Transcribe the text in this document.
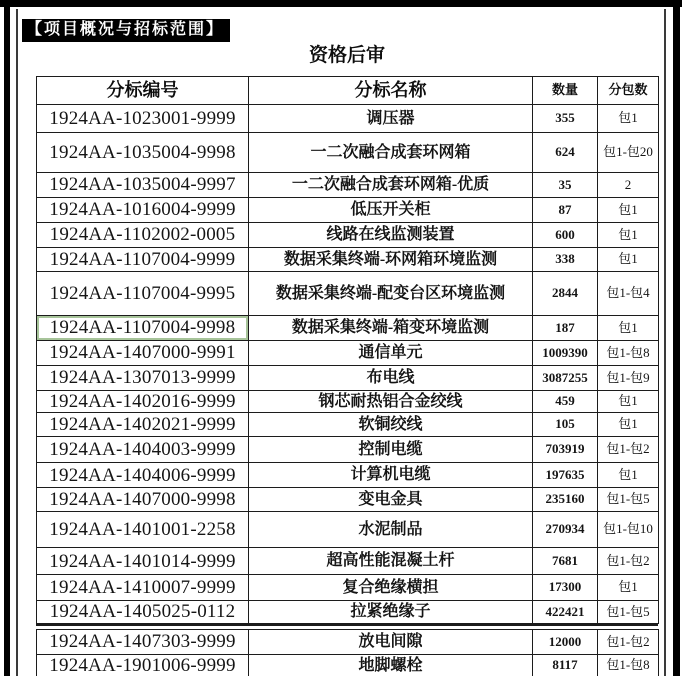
【项目概况与招标范围】
资格后审
分标编号	分标名称	数量	分包数
1924AA-1023001-9999	调压器	355	包1
1924AA-1035004-9998	一二次融合成套环网箱	624	包1-包20
1924AA-1035004-9997	一二次融合成套环网箱-优质	35	2
1924AA-1016004-9999	低压开关柜	87	包1
1924AA-1102002-0005	线路在线监测装置	600	包1
1924AA-1107004-9999	数据采集终端-环网箱环境监测	338	包1
1924AA-1107004-9995	数据采集终端-配变台区环境监测	2844	包1-包4
1924AA-1107004-9998	数据采集终端-箱变环境监测	187	包1
1924AA-1407000-9991	通信单元	1009390	包1-包8
1924AA-1307013-9999	布电线	3087255	包1-包9
1924AA-1402016-9999	钢芯耐热铝合金绞线	459	包1
1924AA-1402021-9999	软铜绞线	105	包1
1924AA-1404003-9999	控制电缆	703919	包1-包2
1924AA-1404006-9999	计算机电缆	197635	包1
1924AA-1407000-9998	变电金具	235160	包1-包5
1924AA-1401001-2258	水泥制品	270934	包1-包10
1924AA-1401014-9999	超高性能混凝土杆	7681	包1-包2
1924AA-1410007-9999	复合绝缘横担	17300	包1
1924AA-1405025-0112	拉紧绝缘子	422421	包1-包5
1924AA-1407303-9999	放电间隙	12000	包1-包2
1924AA-1901006-9999	地脚螺栓	8117	包1-包8
